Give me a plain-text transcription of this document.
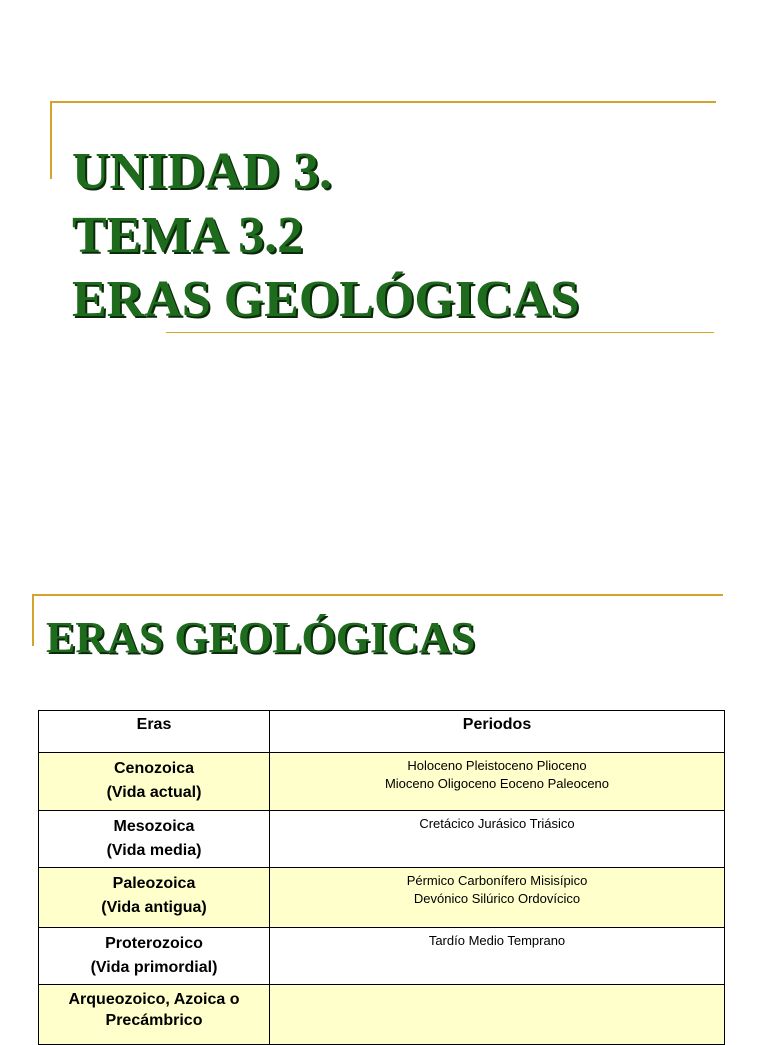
UNIDAD 3.
TEMA 3.2
ERAS GEOLÓGICAS
ERAS GEOLÓGICAS
Eras	Periodos

Cenozoica
(Vida actual)	Holoceno Pleistoceno Plioceno
Mioceno Oligoceno Eoceno Paleoceno

Mesozoica
(Vida media)	Cretácico Jurásico Triásico

Paleozoica
(Vida antigua)	Pérmico Carbonífero Misisípico
Devónico Silúrico Ordovícico

Proterozoico
(Vida primordial)	Tardío Medio Temprano

Arqueozoico, Azoica o
Precámbrico	
